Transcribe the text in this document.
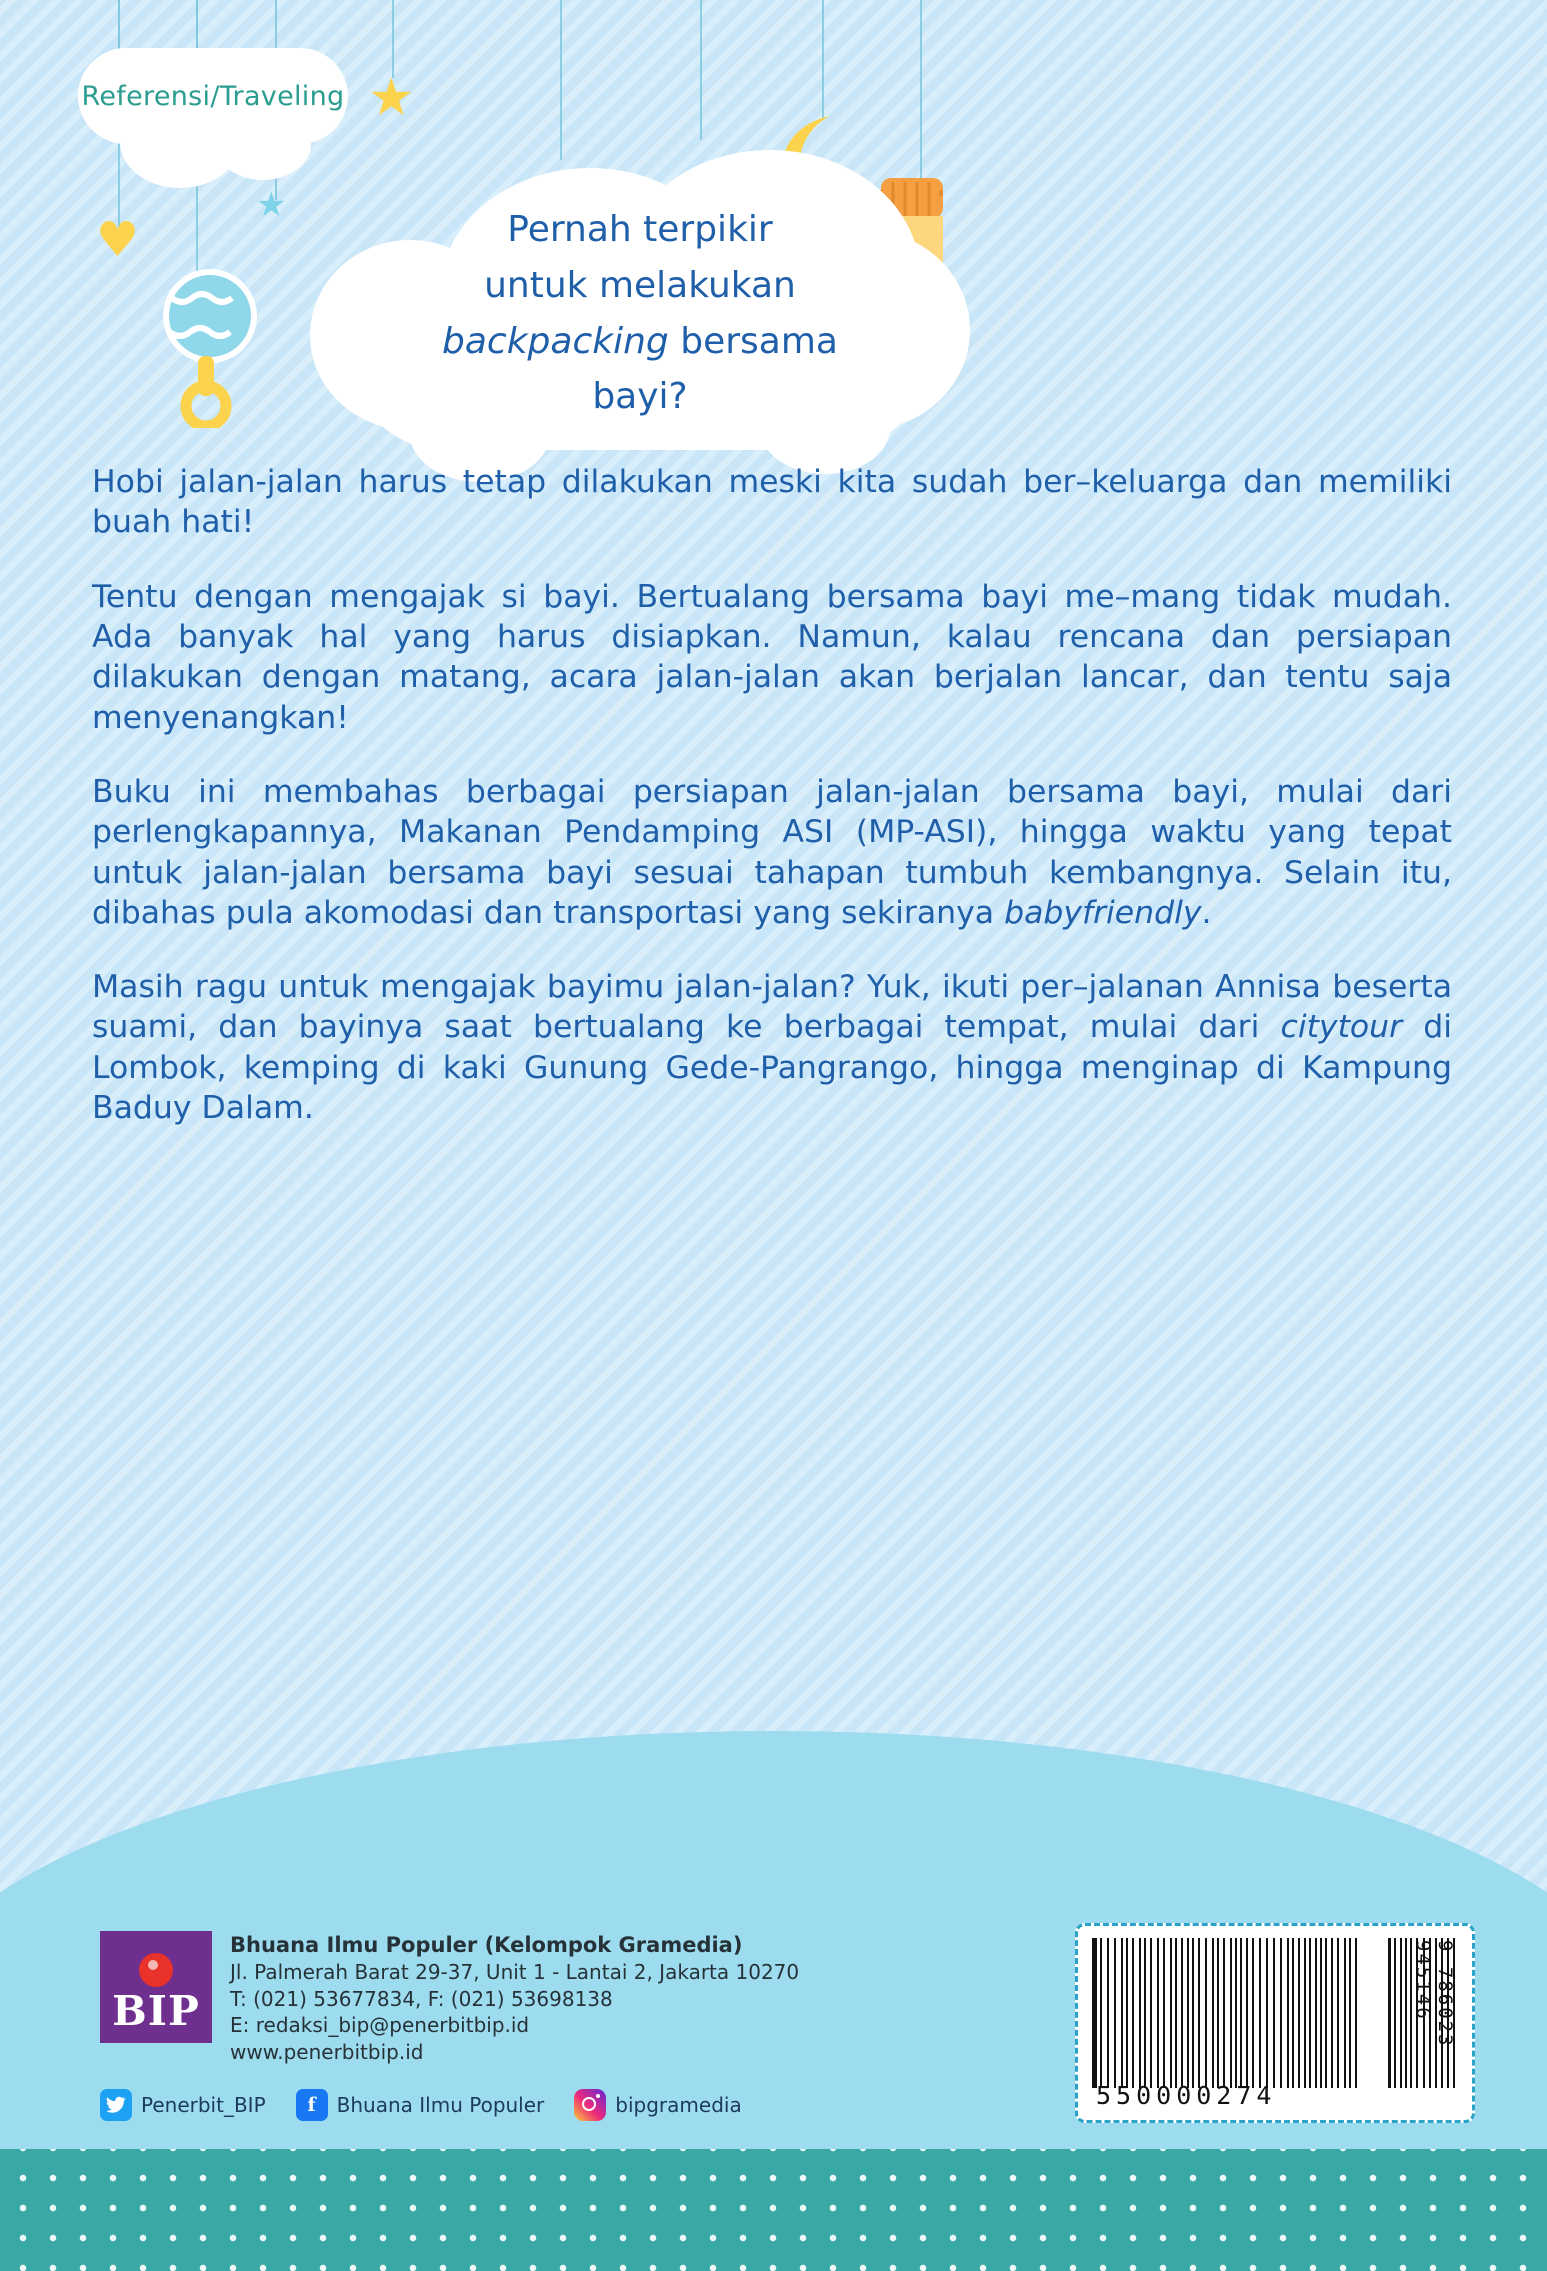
Referensi/Traveling ★
★
♥	Pernah terpikir
untuk melakukan
backpacking bersama
bayi?

Hobi jalan-jalan harus tetap dilakukan meski kita sudah ber–keluarga dan memiliki buah hati!

Tentu dengan mengajak si bayi. Bertualang bersama bayi me–mang tidak mudah. Ada banyak hal yang harus disiapkan. Namun, kalau rencana dan persiapan dilakukan dengan matang, acara jalan-jalan akan berjalan lancar, dan tentu saja menyenangkan!

Buku ini membahas berbagai persiapan jalan-jalan bersama bayi, mulai dari perlengkapannya, Makanan Pendamping ASI (MP-ASI), hingga waktu yang tepat untuk jalan-jalan bersama bayi sesuai tahapan tumbuh kembangnya. Selain itu, dibahas pula akomodasi dan transportasi yang sekiranya babyfriendly.

Masih ragu untuk mengajak bayimu jalan-jalan? Yuk, ikuti per–jalanan Annisa beserta suami, dan bayinya saat bertualang ke berbagai tempat, mulai dari citytour di Lombok, kemping di kaki Gunung Gede-Pangrango, hingga menginap di Kampung Baduy Dalam.

BIP
Bhuana Ilmu Populer (Kelompok Gramedia)
Jl. Palmerah Barat 29-37, Unit 1 - Lantai 2, Jakarta 10270
T: (021) 53677834, F: (021) 53698138
E: redaksi_bip@penerbitbip.id
www.penerbitbip.id
Penerbit_BIP	f	Bhuana Ilmu Populer	bipgramedia	550000274
9 786023 945146
